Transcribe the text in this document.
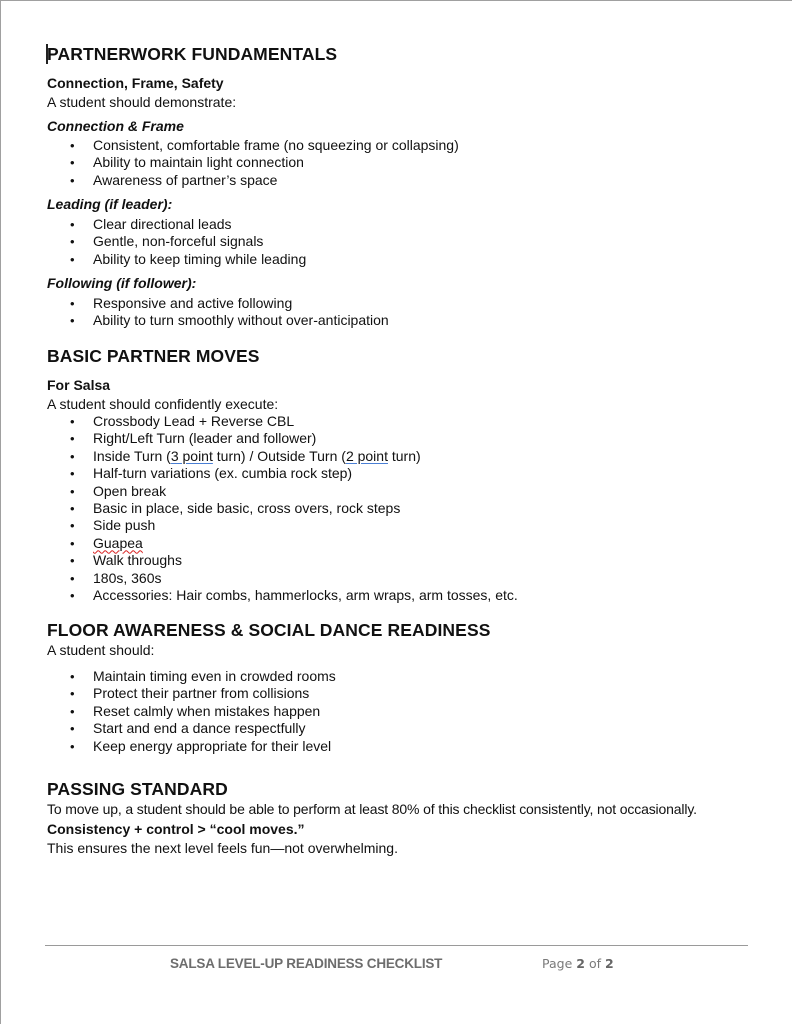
PARTNERWORK FUNDAMENTALS
Connection, Frame, Safety
A student should demonstrate:
Connection & Frame
• Consistent, comfortable frame (no squeezing or collapsing)
• Ability to maintain light connection
• Awareness of partner’s space
Leading (if leader):
• Clear directional leads
• Gentle, non-forceful signals
• Ability to keep timing while leading
Following (if follower):
• Responsive and active following
• Ability to turn smoothly without over-anticipation
BASIC PARTNER MOVES
For Salsa
A student should confidently execute:
• Crossbody Lead + Reverse CBL
• Right/Left Turn (leader and follower)
• Inside Turn (3 point turn) / Outside Turn (2 point turn)
• Half-turn variations (ex. cumbia rock step)
• Open break
• Basic in place, side basic, cross overs, rock steps
• Side push
• Guapea
• Walk throughs
• 180s, 360s
• Accessories: Hair combs, hammerlocks, arm wraps, arm tosses, etc.
FLOOR AWARENESS & SOCIAL DANCE READINESS
A student should:
• Maintain timing even in crowded rooms
• Protect their partner from collisions
• Reset calmly when mistakes happen
• Start and end a dance respectfully
• Keep energy appropriate for their level
PASSING STANDARD
To move up, a student should be able to perform at least 80% of this checklist consistently, not occasionally.
Consistency + control > “cool moves.”
This ensures the next level feels fun—not overwhelming.
SALSA LEVEL-UP READINESS CHECKLIST	Page 2 of 2
